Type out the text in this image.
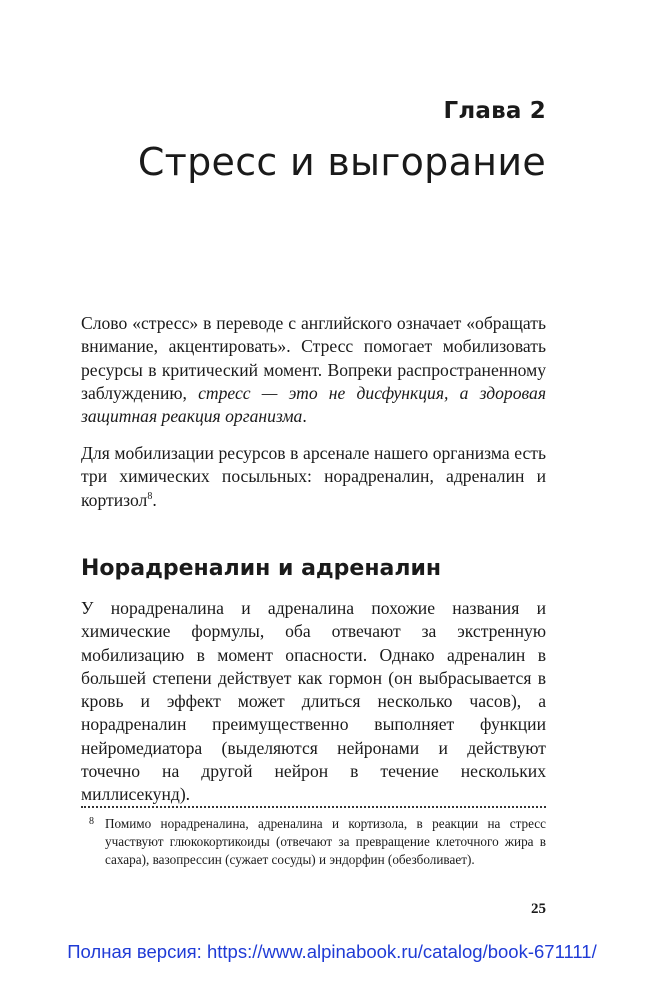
Глава 2
Стресс и выгорание

Слово «стресс» в переводе с английского означает «обращать внимание, акцентировать». Стресс помогает мобилизовать ресурсы в критический момент. Вопреки распространенному заблуждению, стресс — это не дисфункция, а здоровая защитная реакция организма.

Для мобилизации ресурсов в арсенале нашего организма есть три химических посыльных: норадреналин, адреналин и кортизол$^8$.

Норадреналин и адреналин

У норадреналина и адреналина похожие названия и химические формулы, оба отвечают за экстренную мобилизацию в момент опасности. Однако адреналин в большей степени действует как гормон (он выбрасывается в кровь и эффект может длиться несколько часов), а норадреналин преимущественно выполняет функции нейромедиатора (выделяются нейронами и действуют точечно на другой нейрон в течение нескольких миллисекунд).

8 Помимо норадреналина, адреналина и кортизола, в реакции на стресс участвуют глюкокортикоиды (отвечают за превращение клеточного жира в сахара), вазопрессин (сужает сосуды) и эндорфин (обезболивает).
25
Полная версия: https://www.alpinabook.ru/catalog/book-671111/
